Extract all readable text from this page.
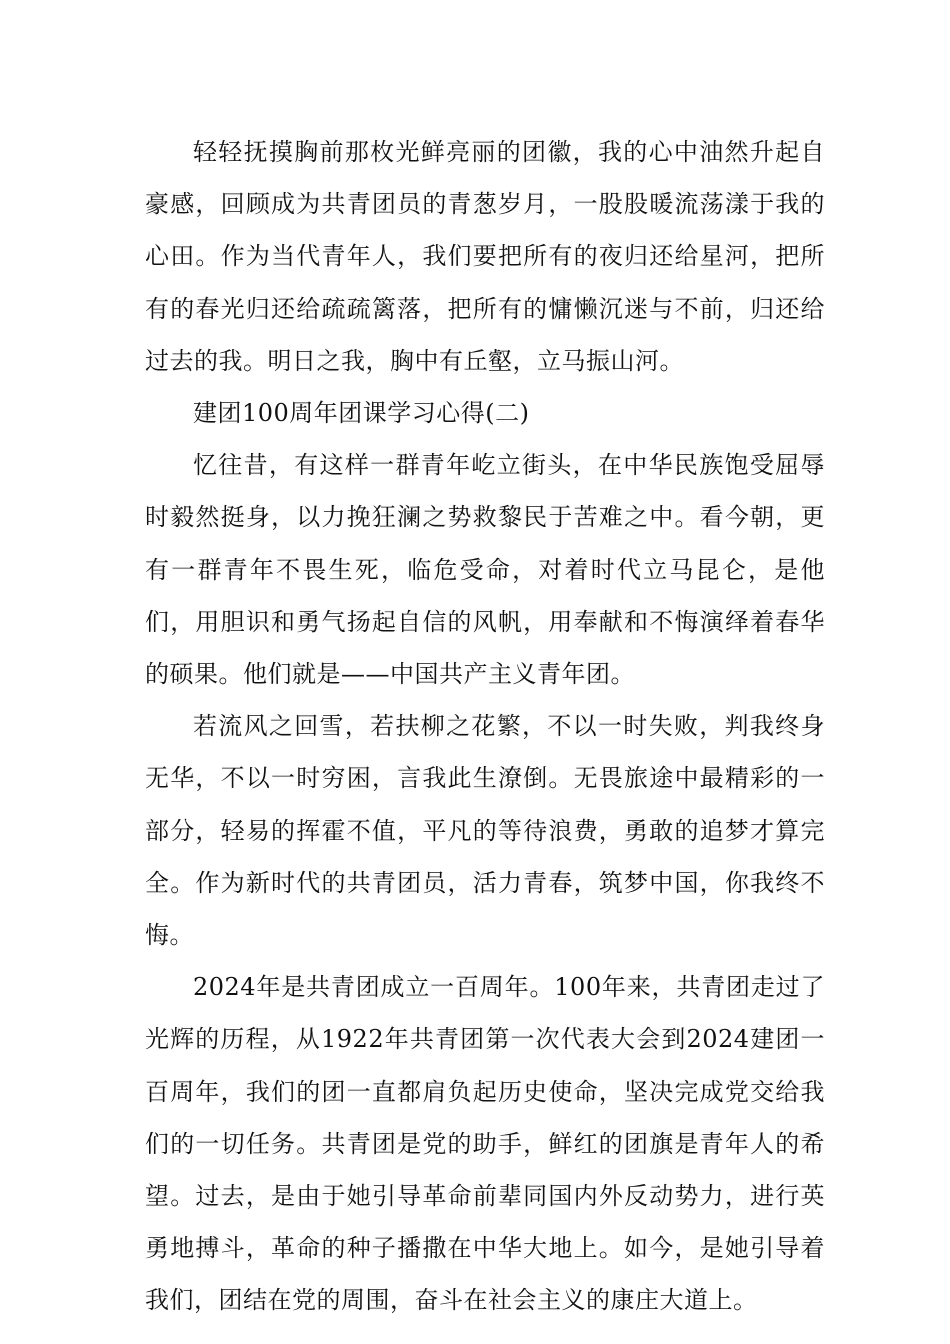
轻轻抚摸胸前那枚光鲜亮丽的团徽，我的心中油然升起自豪感，回顾成为共青团员的青葱岁月，一股股暖流荡漾于我的心田。作为当代青年人，我们要把所有的夜归还给星河，把所有的春光归还给疏疏篱落，把所有的慵懒沉迷与不前，归还给过去的我。明日之我，胸中有丘壑，立马振山河。

建团100周年团课学习心得(二)

忆往昔，有这样一群青年屹立街头，在中华民族饱受屈辱时毅然挺身，以力挽狂澜之势救黎民于苦难之中。看今朝，更有一群青年不畏生死，临危受命，对着时代立马昆仑，是他们，用胆识和勇气扬起自信的风帆，用奉献和不悔演绎着春华的硕果。他们就是——中国共产主义青年团。

若流风之回雪，若扶柳之花繁，不以一时失败，判我终身无华，不以一时穷困，言我此生潦倒。无畏旅途中最精彩的一部分，轻易的挥霍不值，平凡的等待浪费，勇敢的追梦才算完全。作为新时代的共青团员，活力青春，筑梦中国，你我终不悔。

2024年是共青团成立一百周年。100年来，共青团走过了光辉的历程，从1922年共青团第一次代表大会到2024建团一百周年，我们的团一直都肩负起历史使命，坚决完成党交给我们的一切任务。共青团是党的助手，鲜红的团旗是青年人的希望。过去，是由于她引导革命前辈同国内外反动势力，进行英勇地搏斗，革命的种子播撒在中华大地上。如今，是她引导着我们，团结在党的周围，奋斗在社会主义的康庄大道上。
